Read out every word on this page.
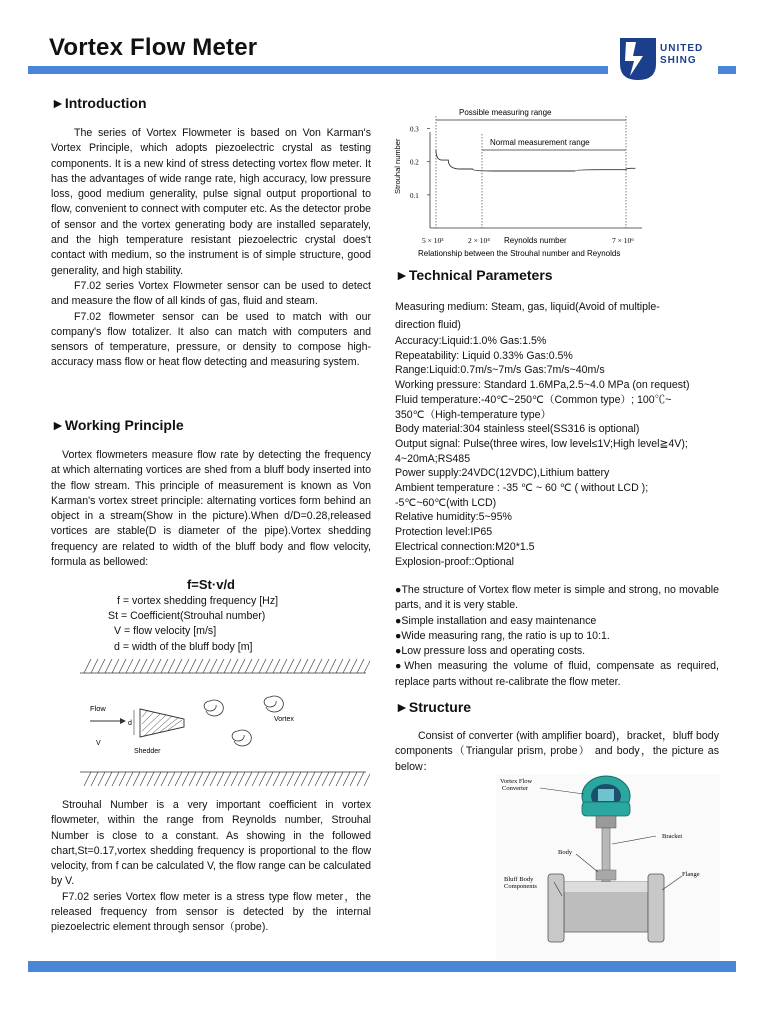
Vortex Flow Meter	UNITED
SHING
►Introduction

The series of Vortex Flowmeter is based on Von Karman's Vortex Principle, which adopts piezoelectric crystal as testing components. It is a new kind of stress detecting vortex flow meter. It has the advantages of wide range rate, high accuracy, low pressure loss, good medium generality, pulse signal output proportional to flow, convenient to connect with computer etc. As the detector probe of sensor and the vortex generating body are installed separately, and the high temperature resistant piezoelectric crystal does't contact with medium, so the instrument is of simple structure, good generality, and high stability.

F7.02 series Vortex Flowmeter sensor can be used to detect and measure the flow of all kinds of gas, fluid and steam.

F7.02 flowmeter sensor can be used to match with our company's flow totalizer. It also can match with computers and sensors of temperature, pressure, or density to compose high-accuracy mass flow or heat flow detecting and measuring system.

►Working Principle

Vortex flowmeters measure flow rate by detecting the frequency at which alternating vortices are shed from a bluff body inserted into the flow stream. This principle of measurement is known as Von Karman's vortex street principle: alternating vortices form behind an object in a stream(Show in the picture).When d/D=0.28,released vortices are stable(D is diameter of the pipe).Vortex shedding frequency are related to width of the bluff body and flow velocity, formula as bellowed:

f=St·v/d
f = vortex shedding frequency [Hz]
St = Coefficient(Strouhal number)
V = flow velocity [m/s]
d = width of the bluff body [m]
Flow
V
d
Shedder
Vortex

Strouhal Number is a very important coefficient in vortex flowmeter, within the range from Reynolds number, Strouhal Number is close to a constant. As showing in the followed chart,St=0.17,vortex shedding frequency is proportional to the flow velocity, from f can be calculated V, the flow range can be calculated by V.

F7.02 series Vortex flow meter is a stress type flow meter，the released frequency from sensor is detected by the internal piezoelectric element through sensor（probe).

Strouhal number
0.3
0.2
0.1
5 × 10³	2 × 10⁴	7 × 10⁶
Possible measuring range
Normal measurement range
Reynolds number
Relationship between the Strouhal number and Reynolds
►Technical Parameters
Measuring medium: Steam, gas, liquid(Avoid of multiple-
direction fluid)
Accuracy:Liquid:1.0% Gas:1.5%
Repeatability: Liquid 0.33% Gas:0.5%
Range:Liquid:0.7m/s~7m/s Gas:7m/s~40m/s
Working pressure: Standard 1.6MPa,2.5~4.0 MPa (on request)
Fluid temperature:-40℃~250℃（Common type）; 100℃~
350℃（High-temperature type）
Body material:304 stainless steel(SS316 is optional)
Output signal: Pulse(three wires, low level≤1V;High level≧4V);
4~20mA;RS485
Power supply:24VDC(12VDC),Lithium battery
Ambient temperature : -35 ℃ ~ 60 ℃ ( without LCD );
-5℃~60℃(with LCD)
Relative humidity:5~95%
Protection level:IP65
Electrical connection:M20*1.5
Explosion-proof::Optional

●The structure of Vortex flow meter is simple and strong, no movable parts, and it is very stable.

●Simple installation and easy maintenance

●Wide measuring rang, the ratio is up to 10:1.

●Low pressure loss and operating costs.

●When measuring the volume of fluid, compensate as required, replace parts without re-calibrate the flow meter.

►Structure

Consist of converter (with amplifier board)，bracket，bluff body components（Triangular prism, probe） and body，the picture as below：

Vortex Flow
Converter
Bracket
Body
Bluff Body
Components
Flange
